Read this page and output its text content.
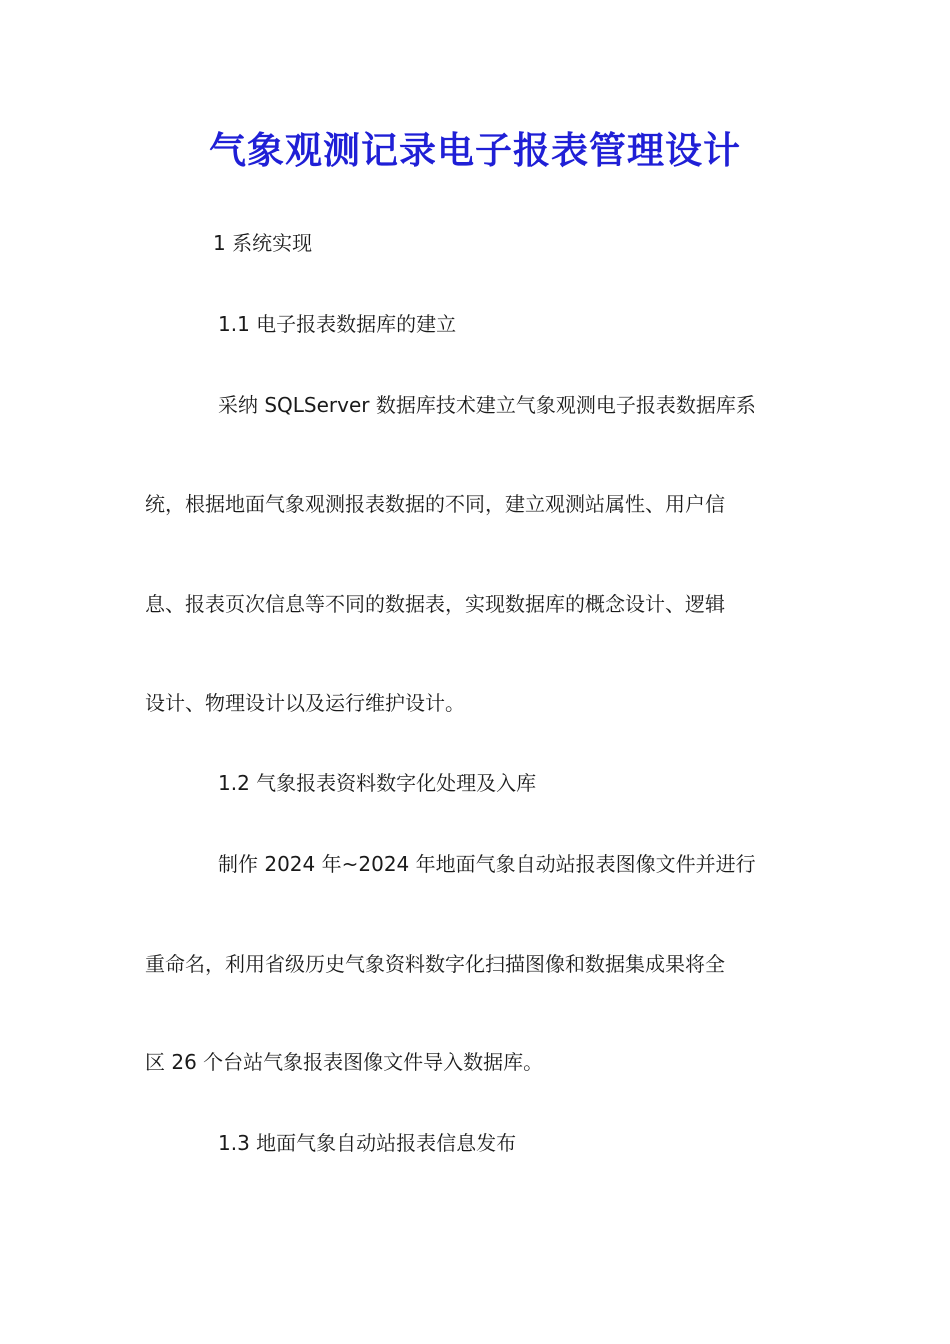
气象观测记录电子报表管理设计

1 系统实现

1.1 电子报表数据库的建立

采纳 SQLServer 数据库技术建立气象观测电子报表数据库系

统，根据地面气象观测报表数据的不同，建立观测站属性、用户信

息、报表页次信息等不同的数据表，实现数据库的概念设计、逻辑

设计、物理设计以及运行维护设计。

1.2 气象报表资料数字化处理及入库

制作 2024 年~2024 年地面气象自动站报表图像文件并进行

重命名，利用省级历史气象资料数字化扫描图像和数据集成果将全

区 26 个台站气象报表图像文件导入数据库。

1.3 地面气象自动站报表信息发布
